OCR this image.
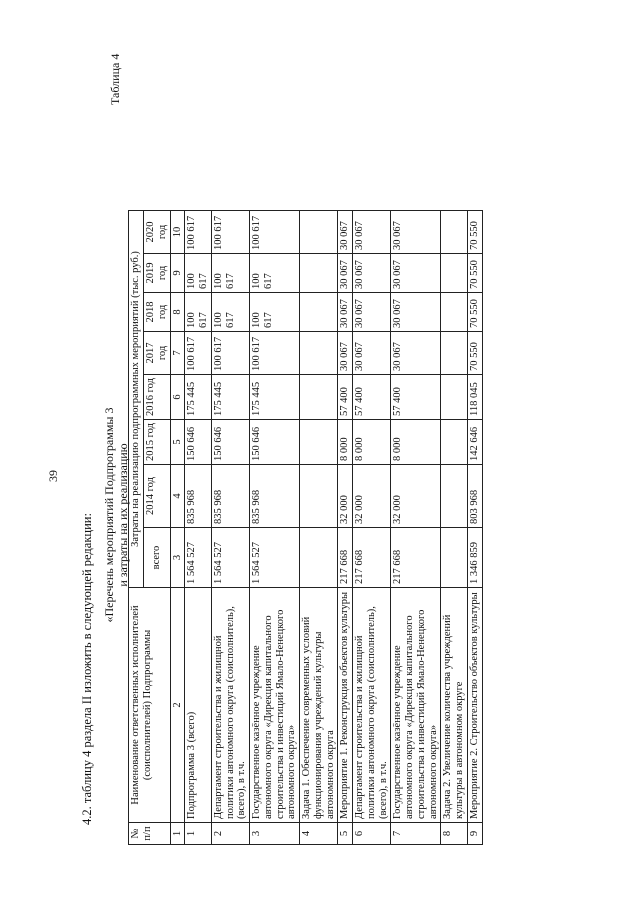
39
4.2. таблицу 4 раздела II изложить в следующей редакции: «Перечень мероприятий Подпрограммы 3 и затраты на их реализацию
Таблица 4
№ п/п	Наименование ответственных исполнителей (соисполнителей) Подпрограммы	Затраты на реализацию подпрограммных мероприятий (тыс. руб.)							
		всего	2014 год	2015 год	2016 год	2017 год	2018 год	2019 год	2020 год

1	2	3	4	5	6	7	8	9	10
1	Подпрограмма 3 (всего)	1 564 527	835 968	150 646	175 445	100 617	100 617	100 617	100 617
2	Департамент строительства и жилищной политики автономного округа (соисполнитель), (всего), в т.ч.	1 564 527	835 968	150 646	175 445	100 617	100 617	100 617	100 617
3	Государственное казённое учреждение автономного округа «Дирекция капитального строительства и инвестиций Ямало-Ненецкого автономного округа»	1 564 527	835 968	150 646	175 445	100 617	100 617	100 617	100 617
4	Задача 1. Обеспечение современных условий функционирования учреждений культуры автономного округа								
5	Мероприятие 1. Реконструкция объектов культуры	217 668	32 000	8 000	57 400	30 067	30 067	30 067	30 067
6	Департамент строительства и жилищной политики автономного округа (соисполнитель), (всего), в т.ч.	217 668	32 000	8 000	57 400	30 067	30 067	30 067	30 067
7	Государственное казённое учреждение автономного округа «Дирекция капитального строительства и инвестиций Ямало-Ненецкого автономного округа»	217 668	32 000	8 000	57 400	30 067	30 067	30 067	30 067
8	Задача 2. Увеличение количества учреждений культуры в автономном округе								
9	Мероприятие 2. Строительство объектов культуры	1 346 859	803 968	142 646	118 045	70 550	70 550	70 550	70 550
